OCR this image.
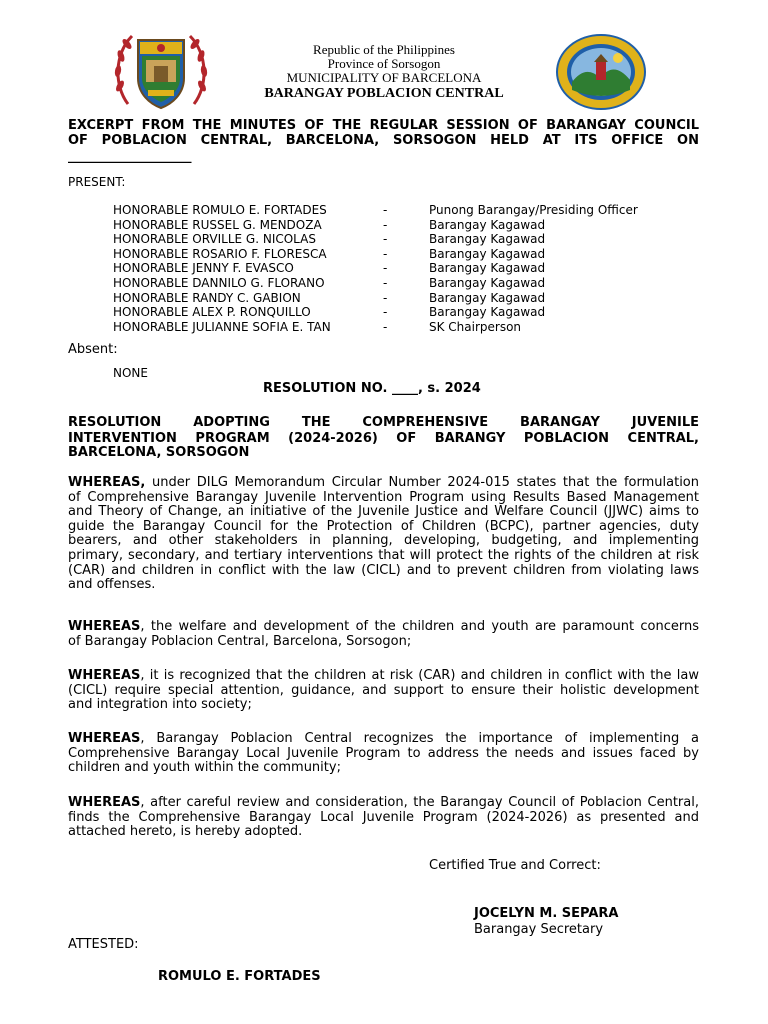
Republic of the Philippines
Province of Sorsogon
MUNICIPALITY OF BARCELONA
BARANGAY POBLACION CENTRAL
EXCERPT FROM THE MINUTES OF THE REGULAR SESSION OF BARANGAY COUNCIL
OF POBLACION CENTRAL, BARCELONA, SORSOGON HELD AT ITS OFFICE ON
___________________
PRESENT:
HONORABLE ROMULO E. FORTADES	-	Punong Barangay/Presiding Officer
HONORABLE RUSSEL G. MENDOZA	-	Barangay Kagawad
HONORABLE ORVILLE G. NICOLAS	-	Barangay Kagawad
HONORABLE ROSARIO F. FLORESCA	-	Barangay Kagawad
HONORABLE JENNY F. EVASCO	-	Barangay Kagawad
HONORABLE DANNILO G. FLORANO	-	Barangay Kagawad
HONORABLE RANDY C. GABION	-	Barangay Kagawad
HONORABLE ALEX P. RONQUILLO	-	Barangay Kagawad
HONORABLE JULIANNE SOFIA E. TAN	-	SK Chairperson
Absent:
NONE
RESOLUTION NO. ____, s. 2024
RESOLUTION ADOPTING THE COMPREHENSIVE BARANGAY JUVENILE
INTERVENTION PROGRAM (2024-2026) OF BARANGY POBLACION CENTRAL,
BARCELONA, SORSOGON
WHEREAS, under DILG Memorandum Circular Number 2024-015 states that the formulation
of Comprehensive Barangay Juvenile Intervention Program using Results Based Management
and Theory of Change, an initiative of the Juvenile Justice and Welfare Council (JJWC) aims to
guide the Barangay Council for the Protection of Children (BCPC), partner agencies, duty
bearers, and other stakeholders in planning, developing, budgeting, and implementing
primary, secondary, and tertiary interventions that will protect the rights of the children at risk
(CAR) and children in conflict with the law (CICL) and to prevent children from violating laws
and offenses.
WHEREAS, the welfare and development of the children and youth are paramount concerns
of Barangay Poblacion Central, Barcelona, Sorsogon;
WHEREAS, it is recognized that the children at risk (CAR) and children in conflict with the law
(CICL) require special attention, guidance, and support to ensure their holistic development
and integration into society;
WHEREAS, Barangay Poblacion Central recognizes the importance of implementing a
Comprehensive Barangay Local Juvenile Program to address the needs and issues faced by
children and youth within the community;
WHEREAS, after careful review and consideration, the Barangay Council of Poblacion Central,
finds the Comprehensive Barangay Local Juvenile Program (2024-2026) as presented and
attached hereto, is hereby adopted.
Certified True and Correct:
JOCELYN M. SEPARA
Barangay Secretary
ATTESTED:
ROMULO E. FORTADES
